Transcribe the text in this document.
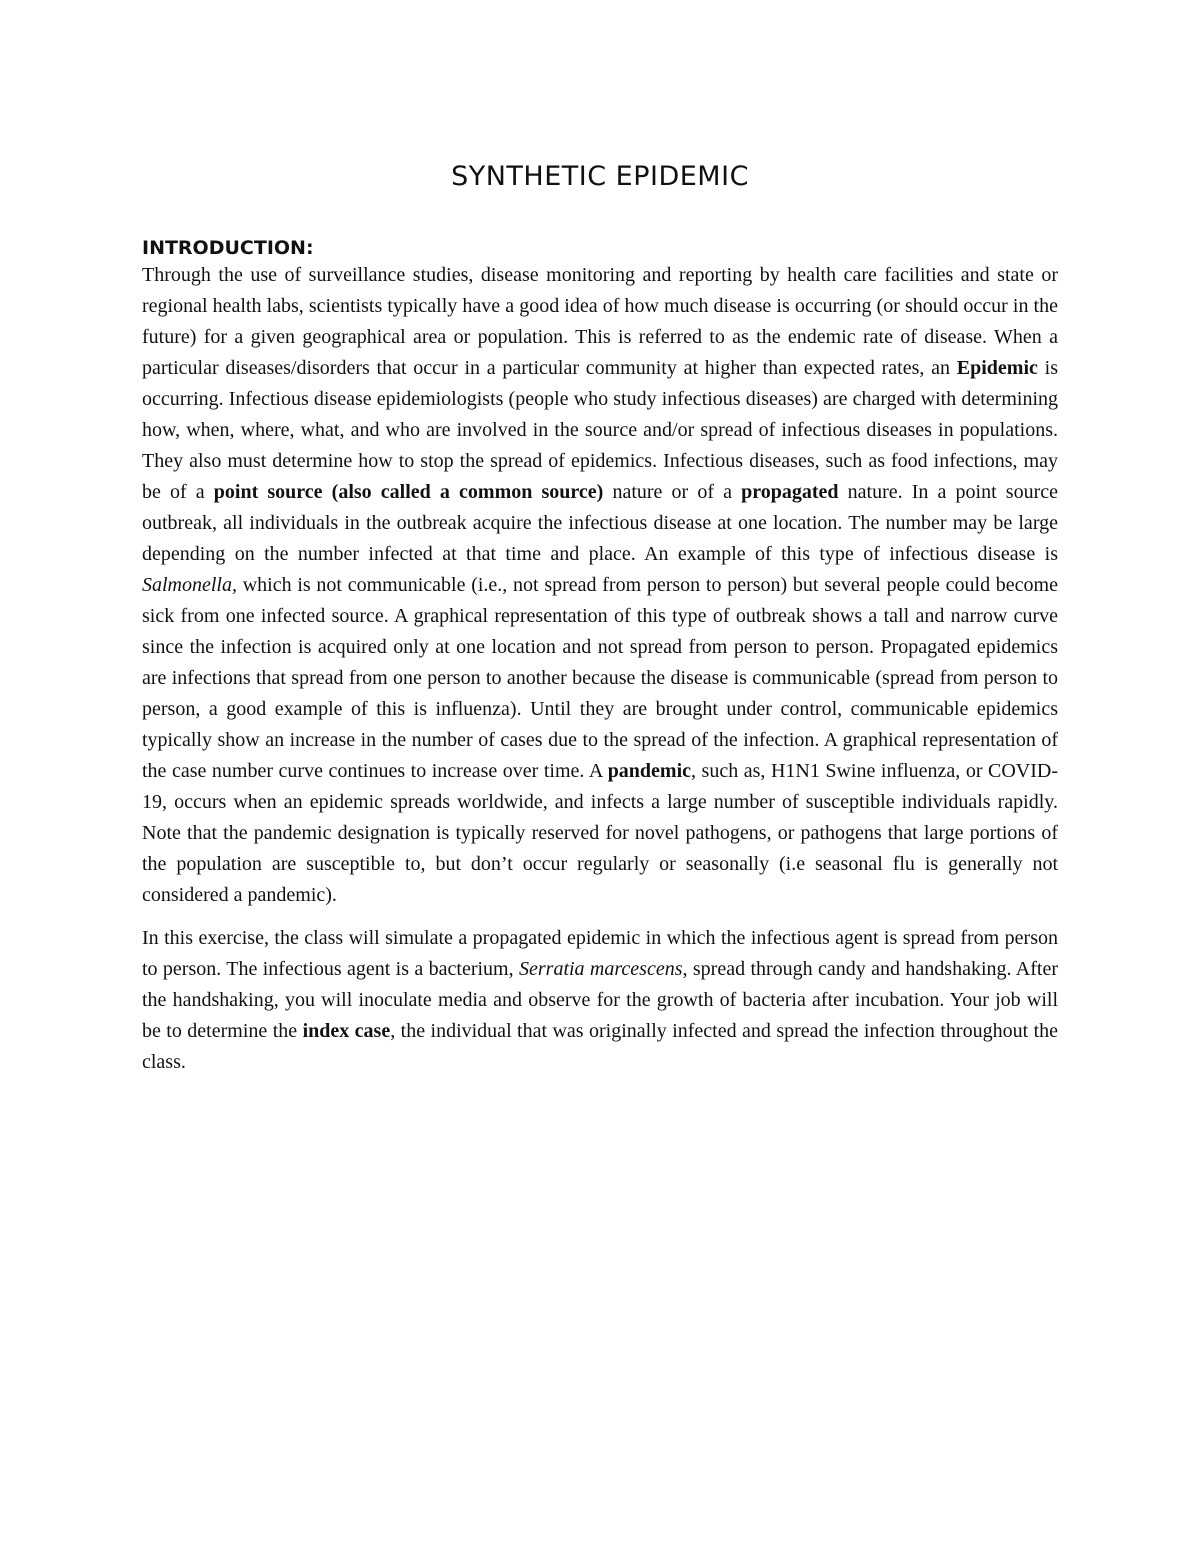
SYNTHETIC EPIDEMIC

INTRODUCTION:

Through the use of surveillance studies, disease monitoring and reporting by health care facilities and state or regional health labs, scientists typically have a good idea of how much disease is occurring (or should occur in the future) for a given geographical area or population. This is referred to as the endemic rate of disease. When a particular diseases/disorders that occur in a particular community at higher than expected rates, an Epidemic is occurring. Infectious disease epidemiologists (people who study infectious diseases) are charged with determining how, when, where, what, and who are involved in the source and/or spread of infectious diseases in populations. They also must determine how to stop the spread of epidemics. Infectious diseases, such as food infections, may be of a point source (also called a common source) nature or of a propagated nature. In a point source outbreak, all individuals in the outbreak acquire the infectious disease at one location. The number may be large depending on the number infected at that time and place. An example of this type of infectious disease is Salmonella, which is not communicable (i.e., not spread from person to person) but several people could become sick from one infected source. A graphical representation of this type of outbreak shows a tall and narrow curve since the infection is acquired only at one location and not spread from person to person. Propagated epidemics are infections that spread from one person to another because the disease is communicable (spread from person to person, a good example of this is influenza). Until they are brought under control, communicable epidemics typically show an increase in the number of cases due to the spread of the infection. A graphical representation of the case number curve continues to increase over time. A pandemic, such as, H1N1 Swine influenza, or COVID-19, occurs when an epidemic spreads worldwide, and infects a large number of susceptible individuals rapidly. Note that the pandemic designation is typically reserved for novel pathogens, or pathogens that large portions of the population are susceptible to, but don’t occur regularly or seasonally (i.e seasonal flu is generally not considered a pandemic).

In this exercise, the class will simulate a propagated epidemic in which the infectious agent is spread from person to person. The infectious agent is a bacterium, Serratia marcescens, spread through candy and handshaking. After the handshaking, you will inoculate media and observe for the growth of bacteria after incubation. Your job will be to determine the index case, the individual that was originally infected and spread the infection throughout the class.
